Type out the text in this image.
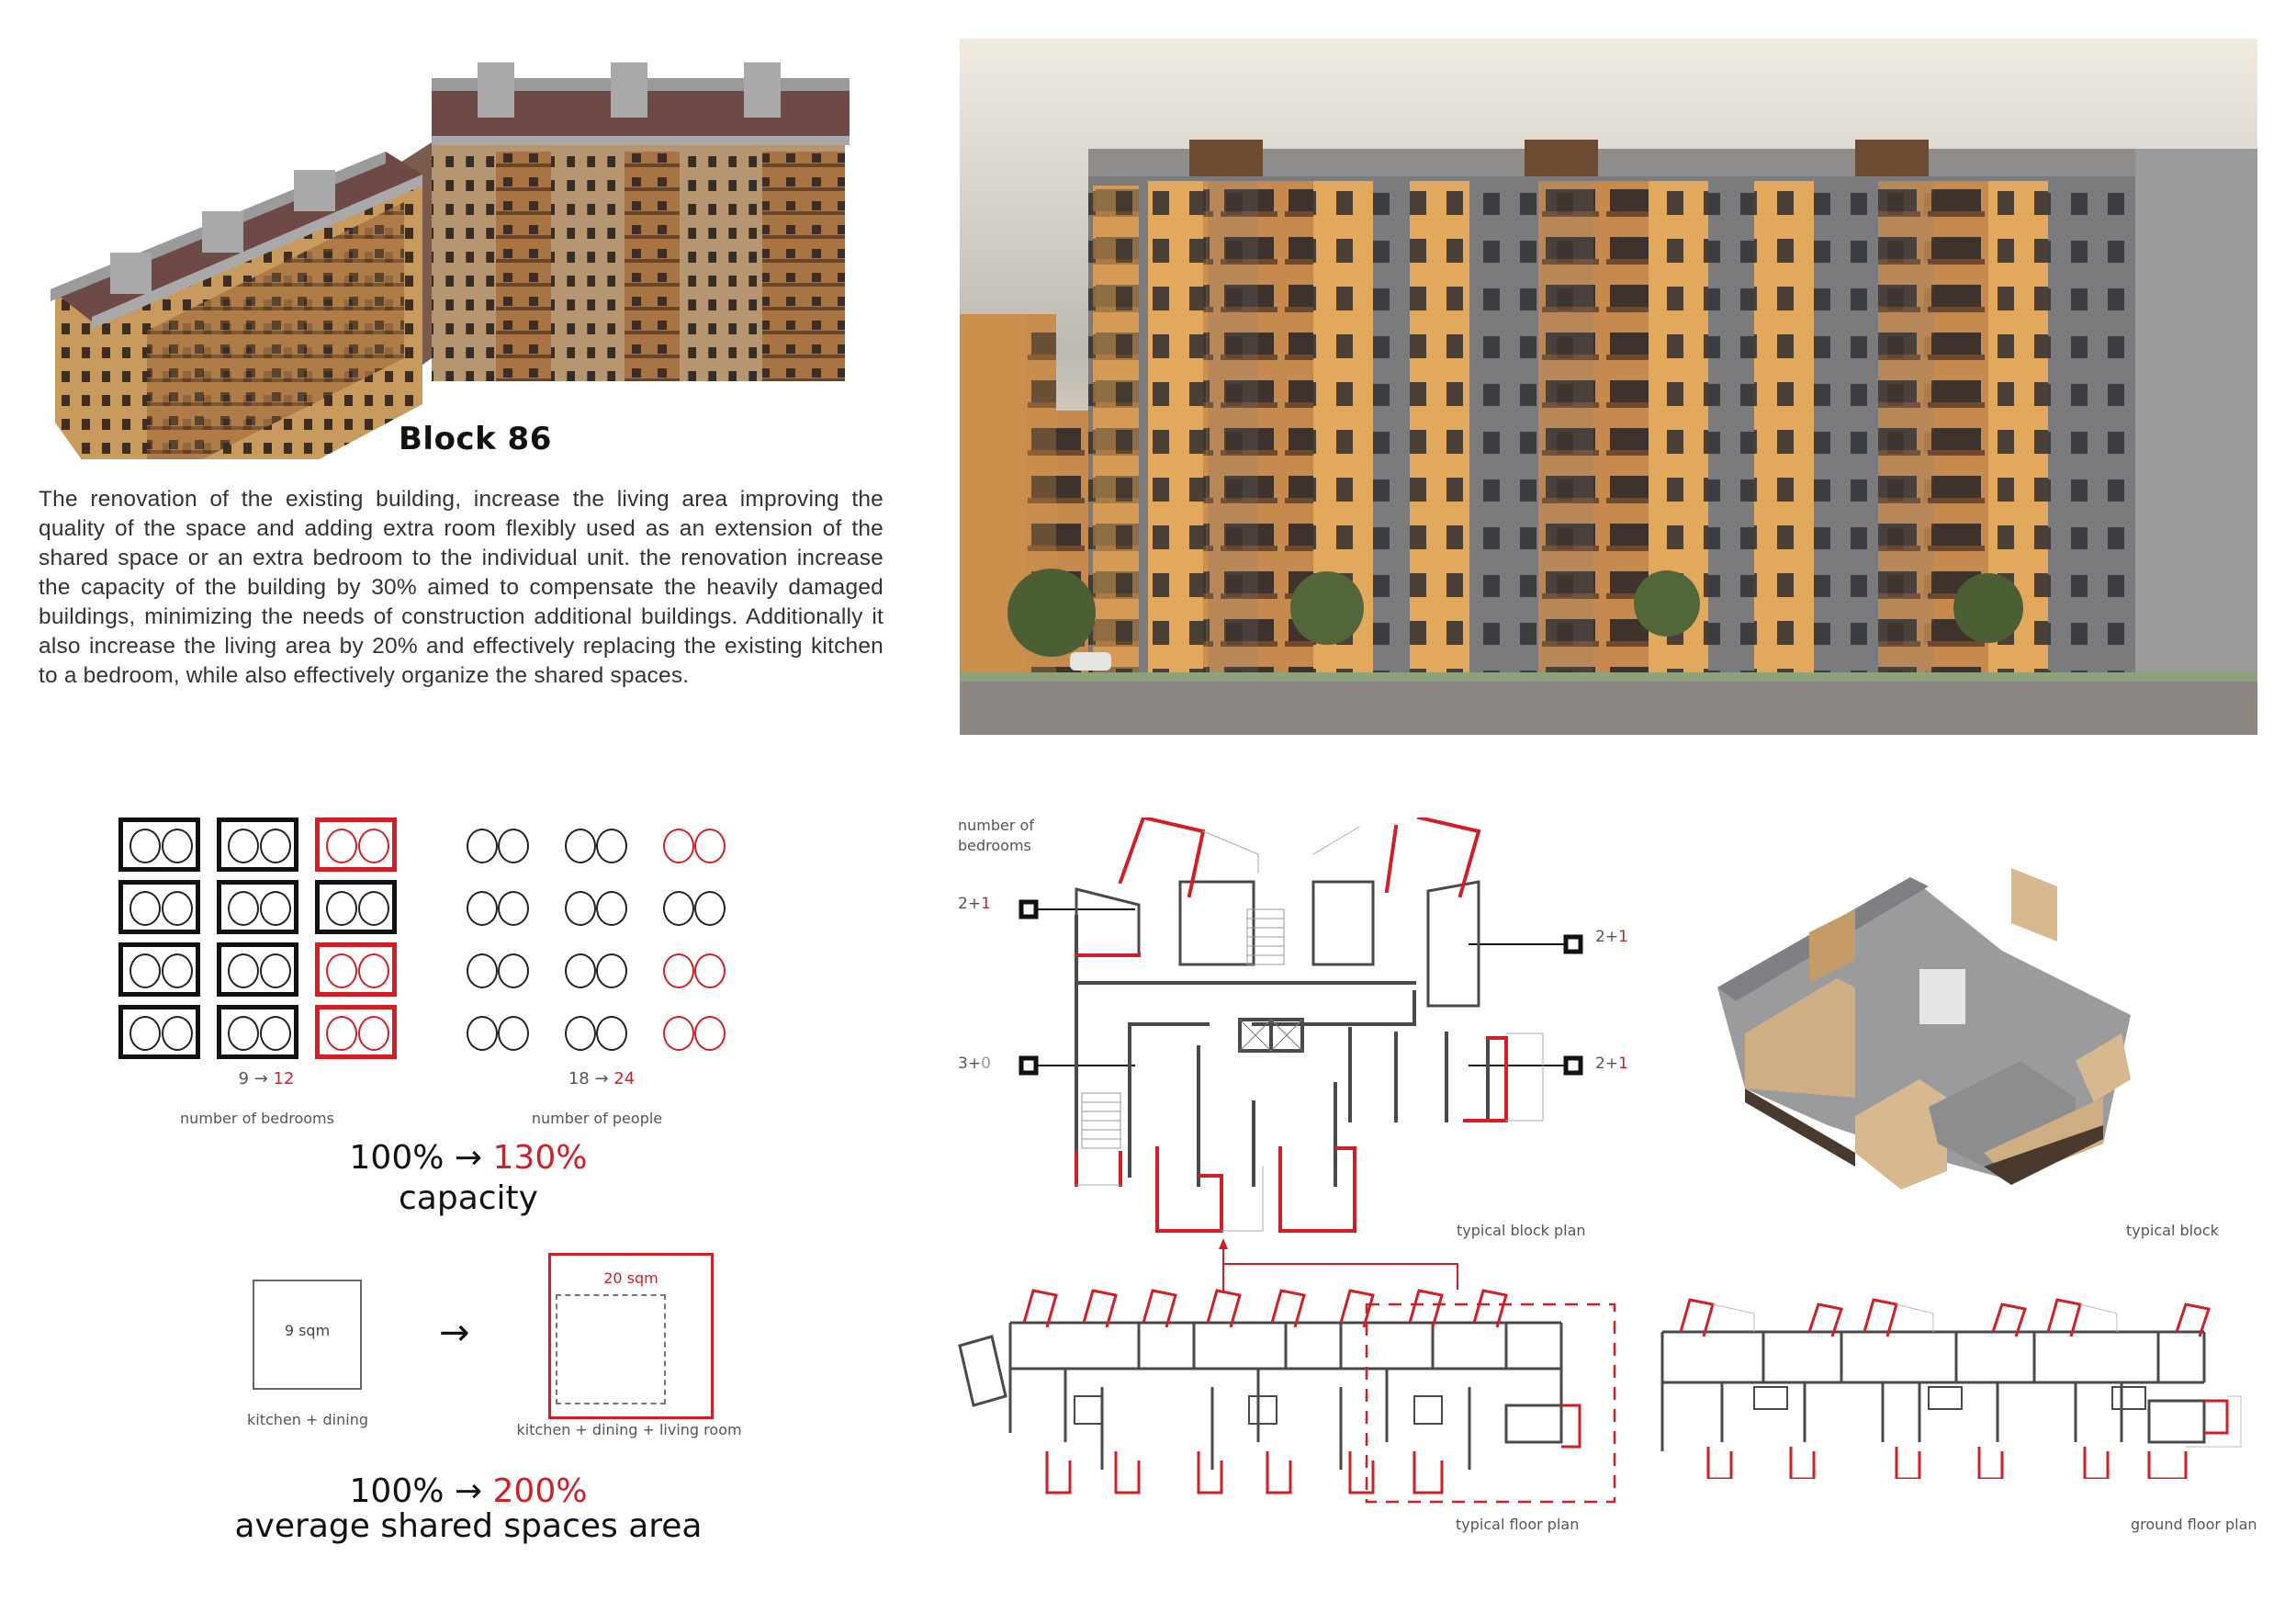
Block 86
The renovation of the existing building, increase the living area improving the quality of the space and adding extra room flexibly used as an extension of the shared space or an extra bedroom to the individual unit. the renovation increase the capacity of the building by 30% aimed to compensate the heavily damaged buildings, minimizing the needs of construction additional buildings. Additionally it also increase the living area by 20% and effectively replacing the existing kitchen to a bedroom, while also effectively organize the shared spaces.
9 → 12
number of bedrooms
18 → 24
number of people
100% → 130%
capacity
9 sqm
kitchen + dining
→
20 sqm
kitchen + dining + living room
100% → 200%
average shared spaces area
number of
bedrooms
2+1
3+0
2+1
2+1
typical block plan	typical block
typical floor plan	ground floor plan
